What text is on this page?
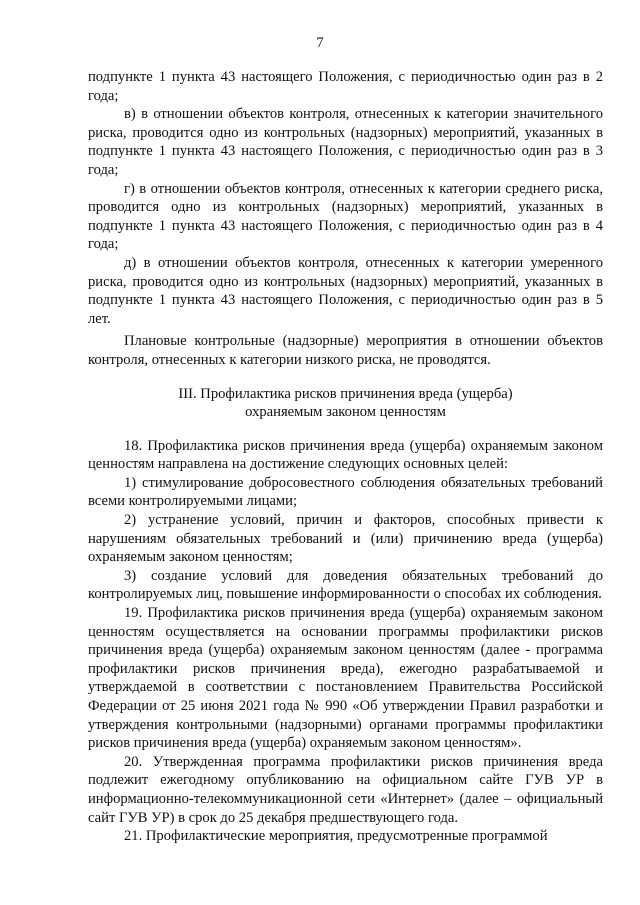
7

подпункте 1 пункта 43 настоящего Положения, с периодичностью один раз в 2 года;

в) в отношении объектов контроля, отнесенных к категории значительного риска, проводится одно из контрольных (надзорных) мероприятий, указанных в подпункте 1 пункта 43 настоящего Положения, с периодичностью один раз в 3 года;

г) в отношении объектов контроля, отнесенных к категории среднего риска, проводится одно из контрольных (надзорных) мероприятий, указанных в подпункте 1 пункта 43 настоящего Положения, с периодичностью один раз в 4 года;

д) в отношении объектов контроля, отнесенных к категории умеренного риска, проводится одно из контрольных (надзорных) мероприятий, указанных в подпункте 1 пункта 43 настоящего Положения, с периодичностью один раз в 5 лет.

Плановые контрольные (надзорные) мероприятия в отношении объектов контроля, отнесенных к категории низкого риска, не проводятся.

III. Профилактика рисков причинения вреда (ущерба)
охраняемым законом ценностям

18. Профилактика рисков причинения вреда (ущерба) охраняемым законом ценностям направлена на достижение следующих основных целей:

1) стимулирование добросовестного соблюдения обязательных требований всеми контролируемыми лицами;

2) устранение условий, причин и факторов, способных привести к нарушениям обязательных требований и (или) причинению вреда (ущерба) охраняемым законом ценностям;

3) создание условий для доведения обязательных требований до контролируемых лиц, повышение информированности о способах их соблюдения.

19. Профилактика рисков причинения вреда (ущерба) охраняемым законом ценностям осуществляется на основании программы профилактики рисков причинения вреда (ущерба) охраняемым законом ценностям (далее - программа профилактики рисков причинения вреда), ежегодно разрабатываемой и утверждаемой в соответствии с постановлением Правительства Российской Федерации от 25 июня 2021 года № 990 «Об утверждении Правил разработки и утверждения контрольными (надзорными) органами программы профилактики рисков причинения вреда (ущерба) охраняемым законом ценностям».

20. Утвержденная программа профилактики рисков причинения вреда подлежит ежегодному опубликованию на официальном сайте ГУВ УР в информационно-телекоммуникационной сети «Интернет» (далее – официальный сайт ГУВ УР) в срок до 25 декабря предшествующего года.

21. Профилактические мероприятия, предусмотренные программой
